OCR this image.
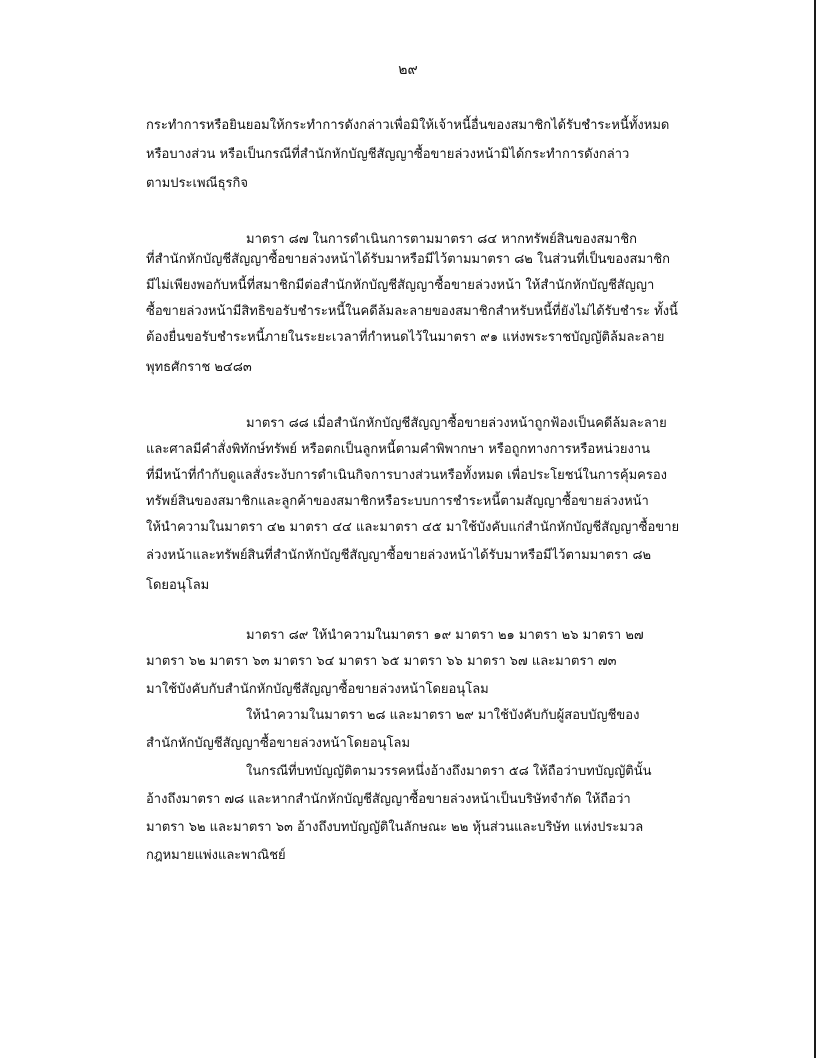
๒๙
กระทำการหรือยินยอมให้กระทำการดังกล่าวเพื่อมิให้เจ้าหนี้อื่นของสมาชิกได้รับชำระหนี้ทั้งหมด
หรือบางส่วน หรือเป็นกรณีที่สำนักหักบัญชีสัญญาซื้อขายล่วงหน้ามิได้กระทำการดังกล่าว
ตามประเพณีธุรกิจ
มาตรา ๘๗ ในการดำเนินการตามมาตรา ๘๔ หากทรัพย์สินของสมาชิก
ที่สำนักหักบัญชีสัญญาซื้อขายล่วงหน้าได้รับมาหรือมีไว้ตามมาตรา ๘๒ ในส่วนที่เป็นของสมาชิก
มีไม่เพียงพอกับหนี้ที่สมาชิกมีต่อสำนักหักบัญชีสัญญาซื้อขายล่วงหน้า ให้สำนักหักบัญชีสัญญา
ซื้อขายล่วงหน้ามีสิทธิขอรับชำระหนี้ในคดีล้มละลายของสมาชิกสำหรับหนี้ที่ยังไม่ได้รับชำระ ทั้งนี้
ต้องยื่นขอรับชำระหนี้ภายในระยะเวลาที่กำหนดไว้ในมาตรา ๙๑ แห่งพระราชบัญญัติล้มละลาย
พุทธศักราช ๒๔๘๓
มาตรา ๘๘ เมื่อสำนักหักบัญชีสัญญาซื้อขายล่วงหน้าถูกฟ้องเป็นคดีล้มละลาย
และศาลมีคำสั่งพิทักษ์ทรัพย์ หรือตกเป็นลูกหนี้ตามคำพิพากษา หรือถูกทางการหรือหน่วยงาน
ที่มีหน้าที่กำกับดูแลสั่งระงับการดำเนินกิจการบางส่วนหรือทั้งหมด เพื่อประโยชน์ในการคุ้มครอง
ทรัพย์สินของสมาชิกและลูกค้าของสมาชิกหรือระบบการชำระหนี้ตามสัญญาซื้อขายล่วงหน้า
ให้นำความในมาตรา ๔๒ มาตรา ๔๔ และมาตรา ๔๕ มาใช้บังคับแก่สำนักหักบัญชีสัญญาซื้อขาย
ล่วงหน้าและทรัพย์สินที่สำนักหักบัญชีสัญญาซื้อขายล่วงหน้าได้รับมาหรือมีไว้ตามมาตรา ๘๒
โดยอนุโลม
มาตรา ๘๙ ให้นำความในมาตรา ๑๙ มาตรา ๒๑ มาตรา ๒๖ มาตรา ๒๗
มาตรา ๖๒ มาตรา ๖๓ มาตรา ๖๔ มาตรา ๖๕ มาตรา ๖๖ มาตรา ๖๗ และมาตรา ๗๓
มาใช้บังคับกับสำนักหักบัญชีสัญญาซื้อขายล่วงหน้าโดยอนุโลม
ให้นำความในมาตรา ๒๘ และมาตรา ๒๙ มาใช้บังคับกับผู้สอบบัญชีของ
สำนักหักบัญชีสัญญาซื้อขายล่วงหน้าโดยอนุโลม
ในกรณีที่บทบัญญัติตามวรรคหนึ่งอ้างถึงมาตรา ๕๘ ให้ถือว่าบทบัญญัตินั้น
อ้างถึงมาตรา ๗๘ และหากสำนักหักบัญชีสัญญาซื้อขายล่วงหน้าเป็นบริษัทจำกัด ให้ถือว่า
มาตรา ๖๒ และมาตรา ๖๓ อ้างถึงบทบัญญัติในลักษณะ ๒๒ หุ้นส่วนและบริษัท แห่งประมวล
กฎหมายแพ่งและพาณิชย์
